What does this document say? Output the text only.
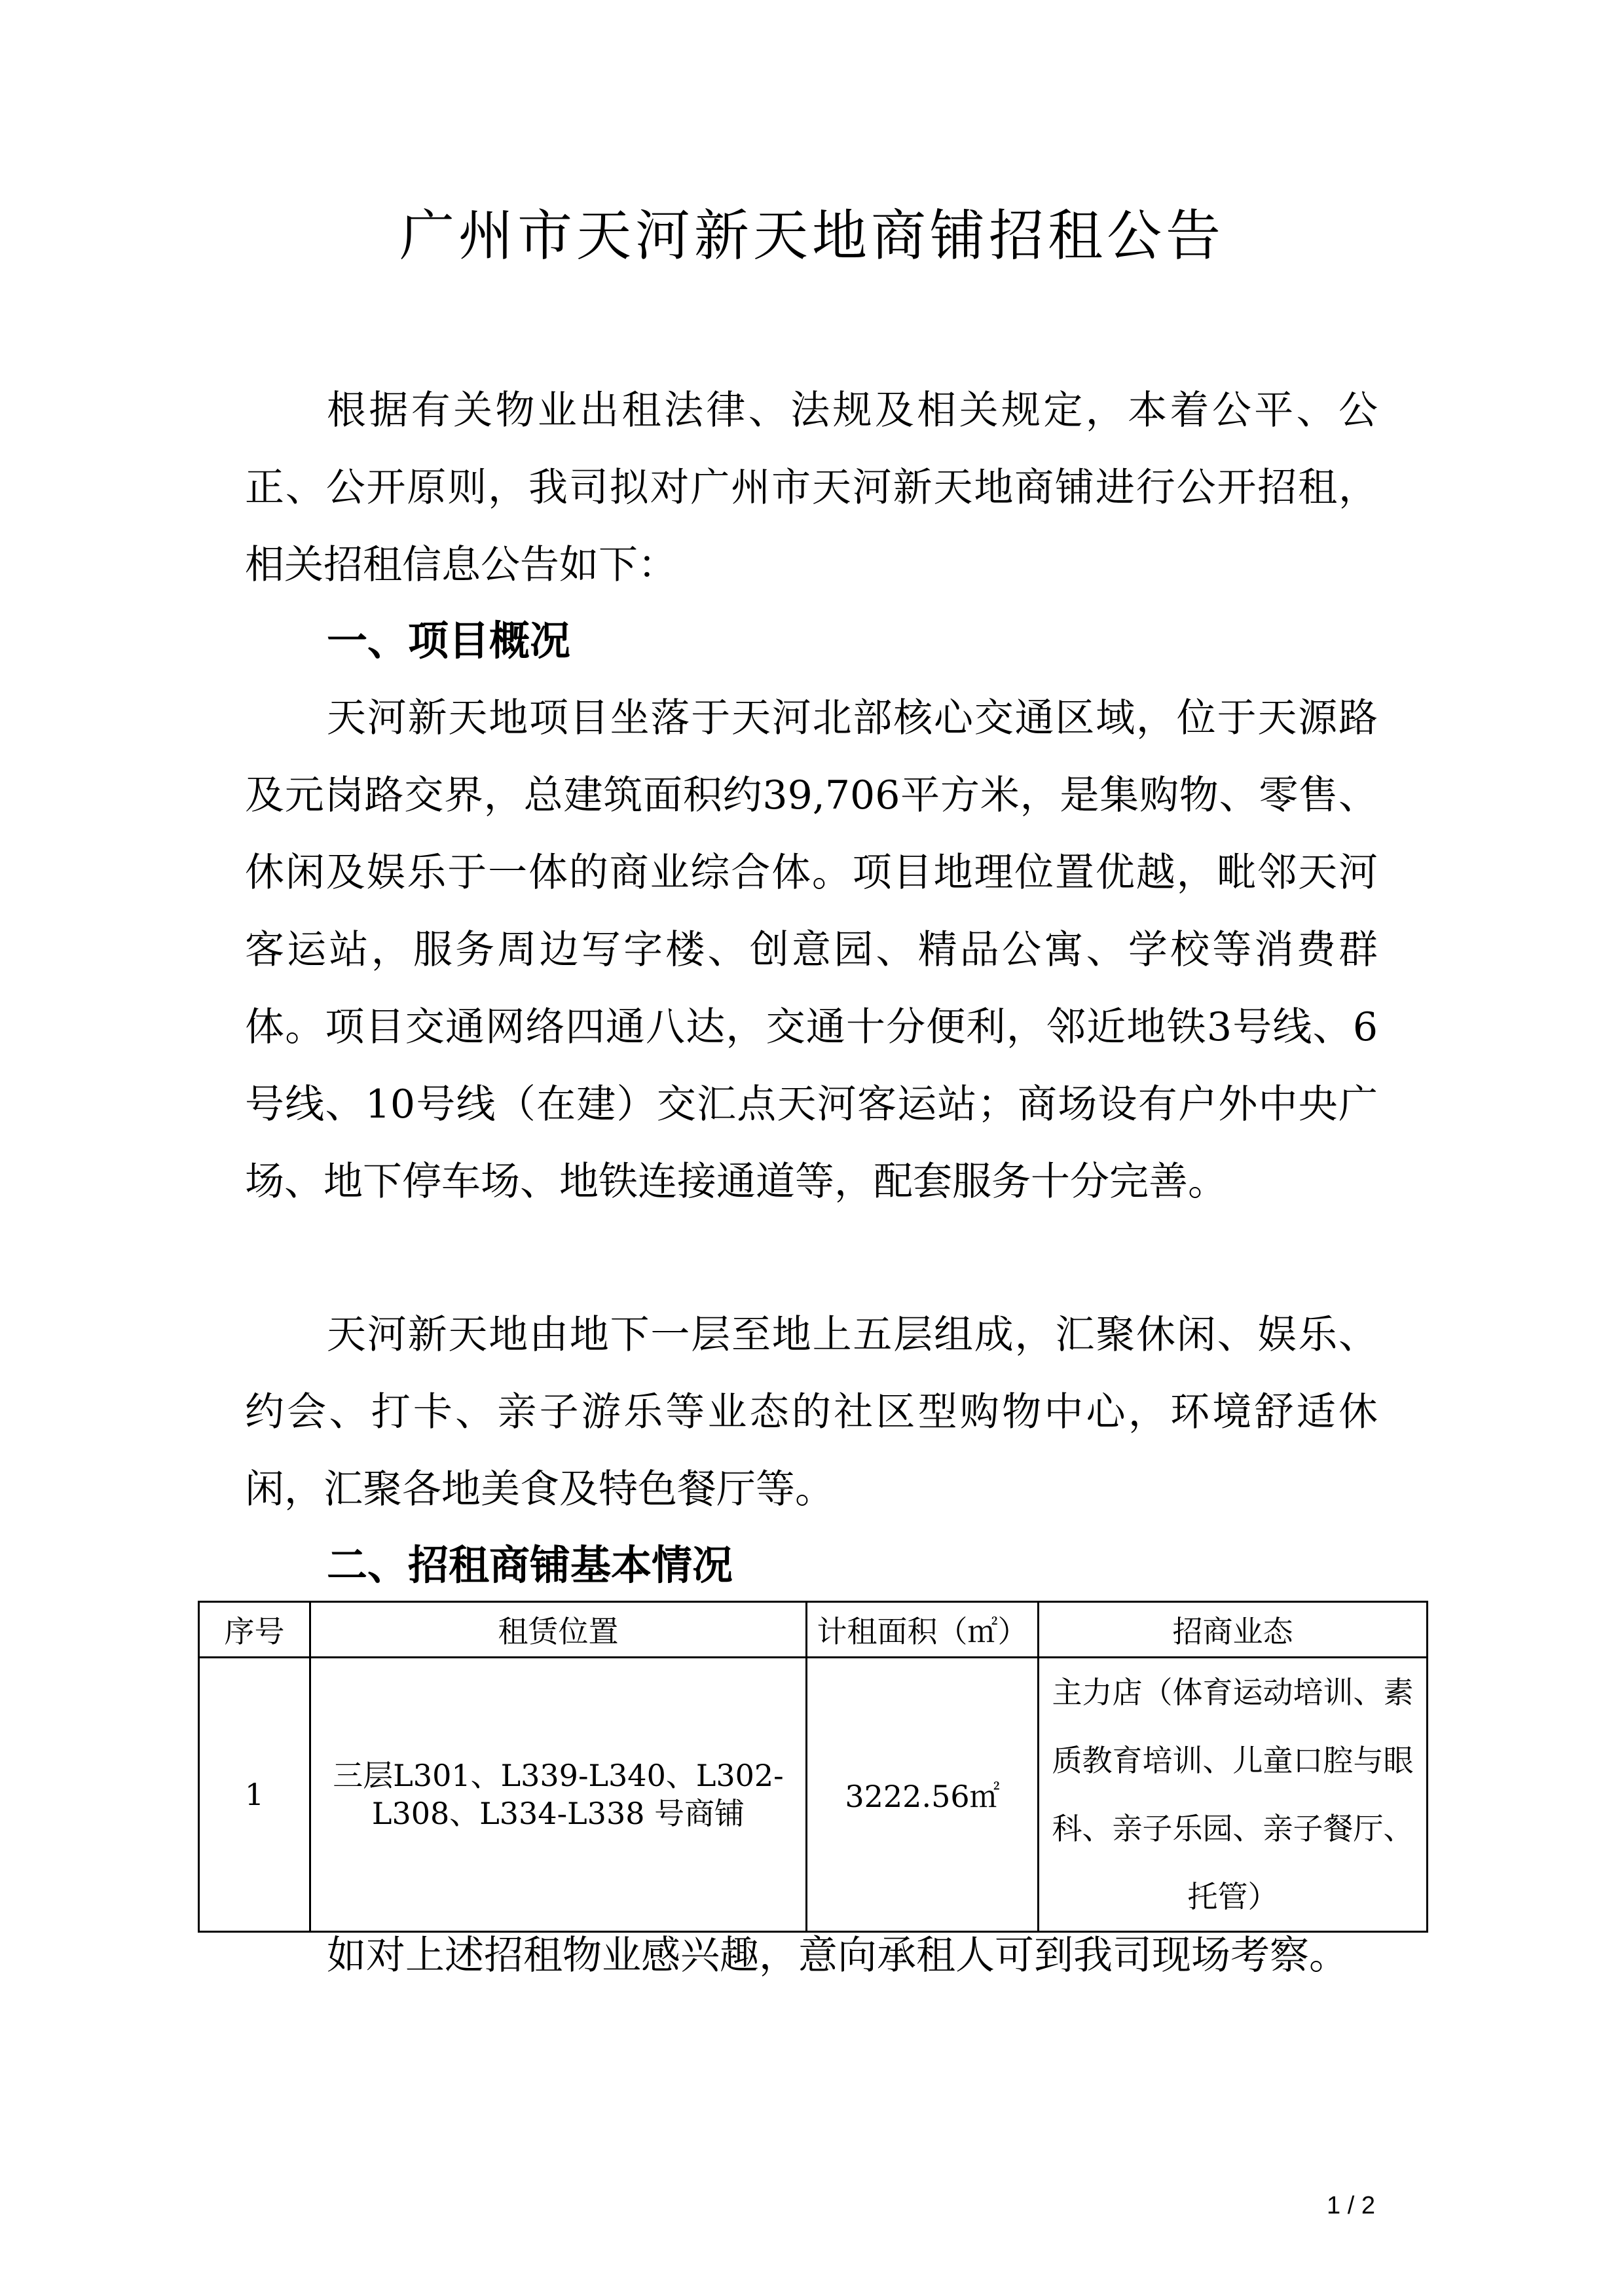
广州市天河新天地商铺招租公告

根据有关物业出租法律、法规及相关规定，本着公平、公正、公开原则，我司拟对广州市天河新天地商铺进行公开招租，相关招租信息公告如下：

一、项目概况

天河新天地项目坐落于天河北部核心交通区域，位于天源路及元岗路交界，总建筑面积约39,706平方米，是集购物、零售、休闲及娱乐于一体的商业综合体。项目地理位置优越，毗邻天河客运站，服务周边写字楼、创意园、精品公寓、学校等消费群体。项目交通网络四通八达，交通十分便利，邻近地铁3号线、6号线、10号线（在建）交汇点天河客运站；商场设有户外中央广场、地下停车场、地铁连接通道等，配套服务十分完善。

天河新天地由地下一层至地上五层组成，汇聚休闲、娱乐、约会、打卡、亲子游乐等业态的社区型购物中心，环境舒适休闲，汇聚各地美食及特色餐厅等。

二、招租商铺基本情况

序号	租赁位置	计租面积（㎡）	招商业态
1	三层L301、L339-L340、L302-L308、L334-L338 号商铺	3222.56㎡	主力店（体育运动培训、素质教育培训、儿童口腔与眼科、亲子乐园、亲子餐厅、托管）

如对上述招租物业感兴趣，意向承租人可到我司现场考察。

1 / 2
